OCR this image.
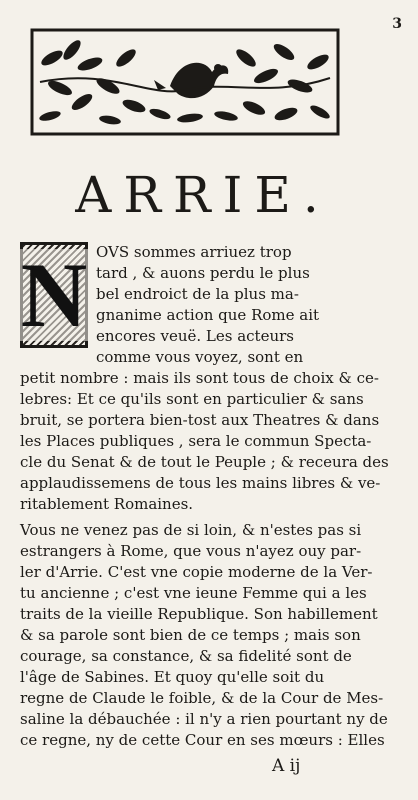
3
ARRIE.
N OVS sommes arriuez trop
tard , & auons perdu le plus
bel endroict de la plus ma-
gnanime action que Rome ait
encores veuë. Les acteurs
comme vous voyez, sont en
petit nombre : mais ils sont tous de choix & ce-
lebres: Et ce qu'ils sont en particulier & sans
bruit, se portera bien-tost aux Theatres & dans
les Places publiques , sera le commun Specta-
cle du Senat & de tout le Peuple ; & receura des
applaudissemens de tous les mains libres & ve-
ritablement Romaines.
Vous ne venez pas de si loin, & n'estes pas si
estrangers à Rome, que vous n'ayez ouy par-
ler d'Arrie. C'est vne copie moderne de la Ver-
tu ancienne ; c'est vne ieune Femme qui a les
traits de la vieille Republique. Son habillement
& sa parole sont bien de ce temps ; mais son
courage, sa constance, & sa fidelité sont de
l'âge de Sabines. Et quoy qu'elle soit du
regne de Claude le foible, & de la Cour de Mes-
saline la débauchée : il n'y a rien pourtant ny de
ce regne, ny de cette Cour en ses mœurs : Elles
A ij
